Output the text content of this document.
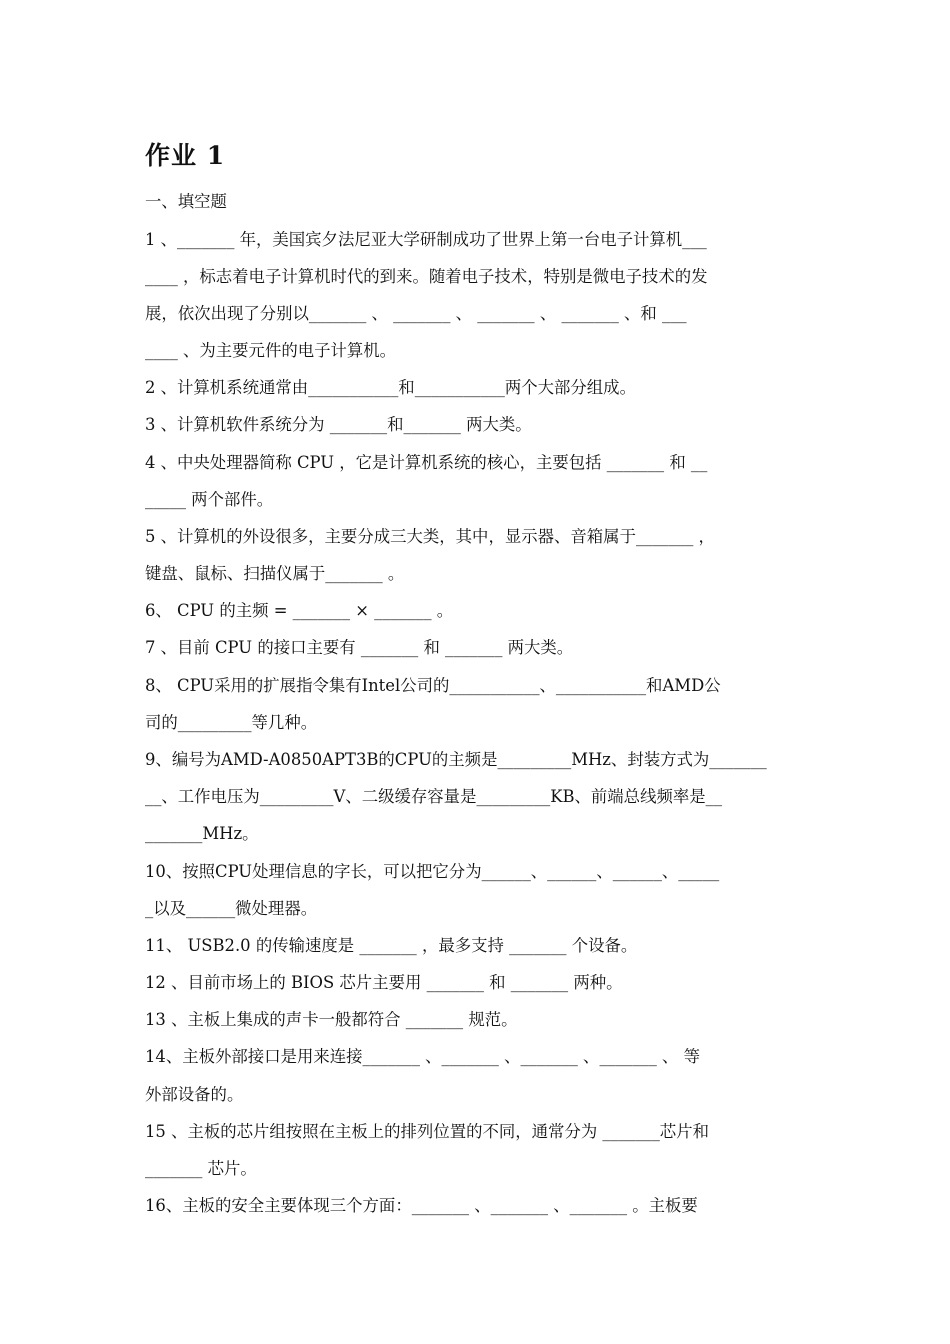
作业 1
一、填空题
1 、_______ 年，美国宾夕法尼亚大学研制成功了世界上第一台电子计算机___
____ ，标志着电子计算机时代的到来。随着电子技术，特别是微电子技术的发
展，依次出现了分别以_______ 、 _______ 、 _______ 、 _______ 、和 ___
____ 、为主要元件的电子计算机。
2 、计算机系统通常由___________和___________两个大部分组成。
3 、计算机软件系统分为 _______和_______ 两大类。
4 、中央处理器简称 CPU ，它是计算机系统的核心，主要包括 _______ 和 __
_____ 两个部件。
5 、计算机的外设很多，主要分成三大类，其中，显示器、音箱属于_______ ，
键盘、鼠标、扫描仪属于_______ 。
6、 CPU 的主频 = _______ × _______ 。
7 、目前 CPU 的接口主要有 _______ 和 _______ 两大类。
8、 CPU采用的扩展指令集有Intel公司的___________、___________和AMD公
司的_________等几种。
9、编号为AMD-A0850APT3B的CPU的主频是_________MHz、封装方式为_______
__、工作电压为_________V、二级缓存容量是_________KB、前端总线频率是__
_______MHz。
10、按照CPU处理信息的字长，可以把它分为______、______、______、_____
_以及______微处理器。
11、 USB2.0 的传输速度是 _______ ，最多支持 _______ 个设备。
12 、目前市场上的 BIOS 芯片主要用 _______ 和 _______ 两种。
13 、主板上集成的声卡一般都符合 _______ 规范。
14、主板外部接口是用来连接_______ 、_______ 、_______ 、_______ 、 等
外部设备的。
15 、主板的芯片组按照在主板上的排列位置的不同，通常分为 _______芯片和
_______ 芯片。
16、主板的安全主要体现三个方面：_______ 、_______ 、_______ 。主板要
